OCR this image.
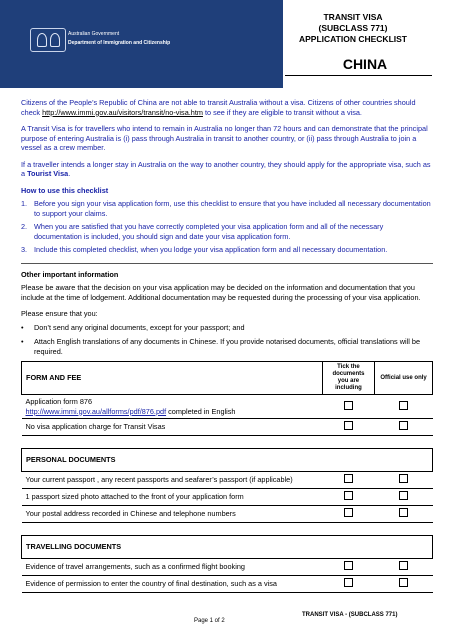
Australian Government
Department of Immigration and Citizenship
TRANSIT VISA
(SUBCLASS 771)
APPLICATION CHECKLIST
CHINA

Citizens of the People’s Republic of China are not able to transit Australia without a visa. Citizens of other countries should check http://www.immi.gov.au/visitors/transit/no-visa.htm to see if they are eligible to transit without a visa.

A Transit Visa is for travellers who intend to remain in Australia no longer than 72 hours and can demonstrate that the principal purpose of entering Australia is (i) pass through Australia in transit to another country, or (ii) pass through Australia to join a vessel as a crew member.

If a traveller intends a longer stay in Australia on the way to another country, they should apply for the appropriate visa, such as a Tourist Visa.

How to use this checklist
1. Before you sign your visa application form, use this checklist to ensure that you have included all necessary documentation to support your claims.
2. When you are satisfied that you have correctly completed your visa application form and all of the necessary documentation is included, you should sign and date your visa application form.
3. Include this completed checklist, when you lodge your visa application form and all necessary documentation.
Other important information

Please be aware that the decision on your visa application may be decided on the information and documentation that you include at the time of lodgement. Additional documentation may be requested during the processing of your visa application.

Please ensure that you:

•	Don’t send any original documents, except for your passport; and
•	Attach English translations of any documents in Chinese. If you provide notarised documents, official translations will be required.
FORM AND FEE	Tick the documents you are including	Official use only

Application form 876
http://www.immi.gov.au/allforms/pdf/876.pdf completed in English		

No visa application charge for Transit Visas		

PERSONAL DOCUMENTS		
Your current passport , any recent passports and seafarer’s passport (if applicable)		
1 passport sized photo attached to the front of your application form		
Your postal address recorded in Chinese and telephone numbers		

TRAVELLING DOCUMENTS		
Evidence of travel arrangements, such as a confirmed flight booking		
Evidence of permission to enter the country of final destination, such as a visa		
Page 1 of 2
TRANSIT VISA - (SUBCLASS 771)
